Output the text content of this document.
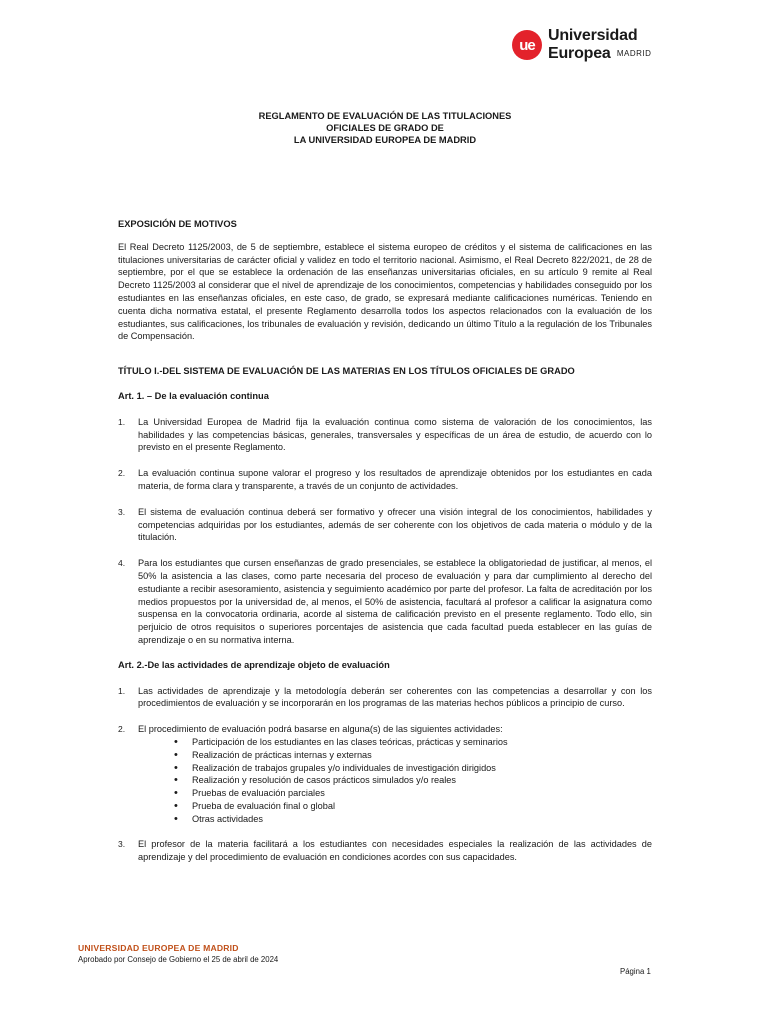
ue
Universidad
Europea MADRID
REGLAMENTO DE EVALUACIÓN DE LAS TITULACIONES
OFICIALES DE GRADO DE
LA UNIVERSIDAD EUROPEA DE MADRID
EXPOSICIÓN DE MOTIVOS

El Real Decreto 1125/2003, de 5 de septiembre, establece el sistema europeo de créditos y el sistema de calificaciones en las titulaciones universitarias de carácter oficial y validez en todo el territorio nacional. Asimismo, el Real Decreto 822/2021, de 28 de septiembre, por el que se establece la ordenación de las enseñanzas universitarias oficiales, en su artículo 9 remite al Real Decreto 1125/2003 al considerar que el nivel de aprendizaje de los conocimientos, competencias y habilidades conseguido por los estudiantes en las enseñanzas oficiales, en este caso, de grado, se expresará mediante calificaciones numéricas. Teniendo en cuenta dicha normativa estatal, el presente Reglamento desarrolla todos los aspectos relacionados con la evaluación de los estudiantes, sus calificaciones, los tribunales de evaluación y revisión, dedicando un último Título a la regulación de los Tribunales de Compensación.

TÍTULO I.-DEL SISTEMA DE EVALUACIÓN DE LAS MATERIAS EN LOS TÍTULOS OFICIALES DE GRADO
Art. 1. – De la evaluación continua
1.	La Universidad Europea de Madrid fija la evaluación continua como sistema de valoración de los conocimientos, las habilidades y las competencias básicas, generales, transversales y específicas de un área de estudio, de acuerdo con lo previsto en el presente Reglamento.

2.	La evaluación continua supone valorar el progreso y los resultados de aprendizaje obtenidos por los estudiantes en cada materia, de forma clara y transparente, a través de un conjunto de actividades.

3.	El sistema de evaluación continua deberá ser formativo y ofrecer una visión integral de los conocimientos, habilidades y competencias adquiridas por los estudiantes, además de ser coherente con los objetivos de cada materia o módulo y de la titulación.

4.	Para los estudiantes que cursen enseñanzas de grado presenciales, se establece la obligatoriedad de justificar, al menos, el 50% la asistencia a las clases, como parte necesaria del proceso de evaluación y para dar cumplimiento al derecho del estudiante a recibir asesoramiento, asistencia y seguimiento académico por parte del profesor. La falta de acreditación por los medios propuestos por la universidad de, al menos, el 50% de asistencia, facultará al profesor a calificar la asignatura como suspensa en la convocatoria ordinaria, acorde al sistema de calificación previsto en el presente reglamento. Todo ello, sin perjuicio de otros requisitos o superiores porcentajes de asistencia que cada facultad pueda establecer en las guías de aprendizaje o en su normativa interna.

Art. 2.-De las actividades de aprendizaje objeto de evaluación
1.	Las actividades de aprendizaje y la metodología deberán ser coherentes con las competencias a desarrollar y con los procedimientos de evaluación y se incorporarán en los programas de las materias hechos públicos a principio de curso.

2.	El procedimiento de evaluación podrá basarse en alguna(s) de las siguientes actividades:

• Participación de los estudiantes en las clases teóricas, prácticas y seminarios
• Realización de prácticas internas y externas
• Realización de trabajos grupales y/o individuales de investigación dirigidos
• Realización y resolución de casos prácticos simulados y/o reales
• Pruebas de evaluación parciales
• Prueba de evaluación final o global
• Otras actividades
3.	El profesor de la materia facilitará a los estudiantes con necesidades especiales la realización de las actividades de aprendizaje y del procedimiento de evaluación en condiciones acordes con sus capacidades.

UNIVERSIDAD EUROPEA DE MADRID
Aprobado por Consejo de Gobierno el 25 de abril de 2024
Página 1
